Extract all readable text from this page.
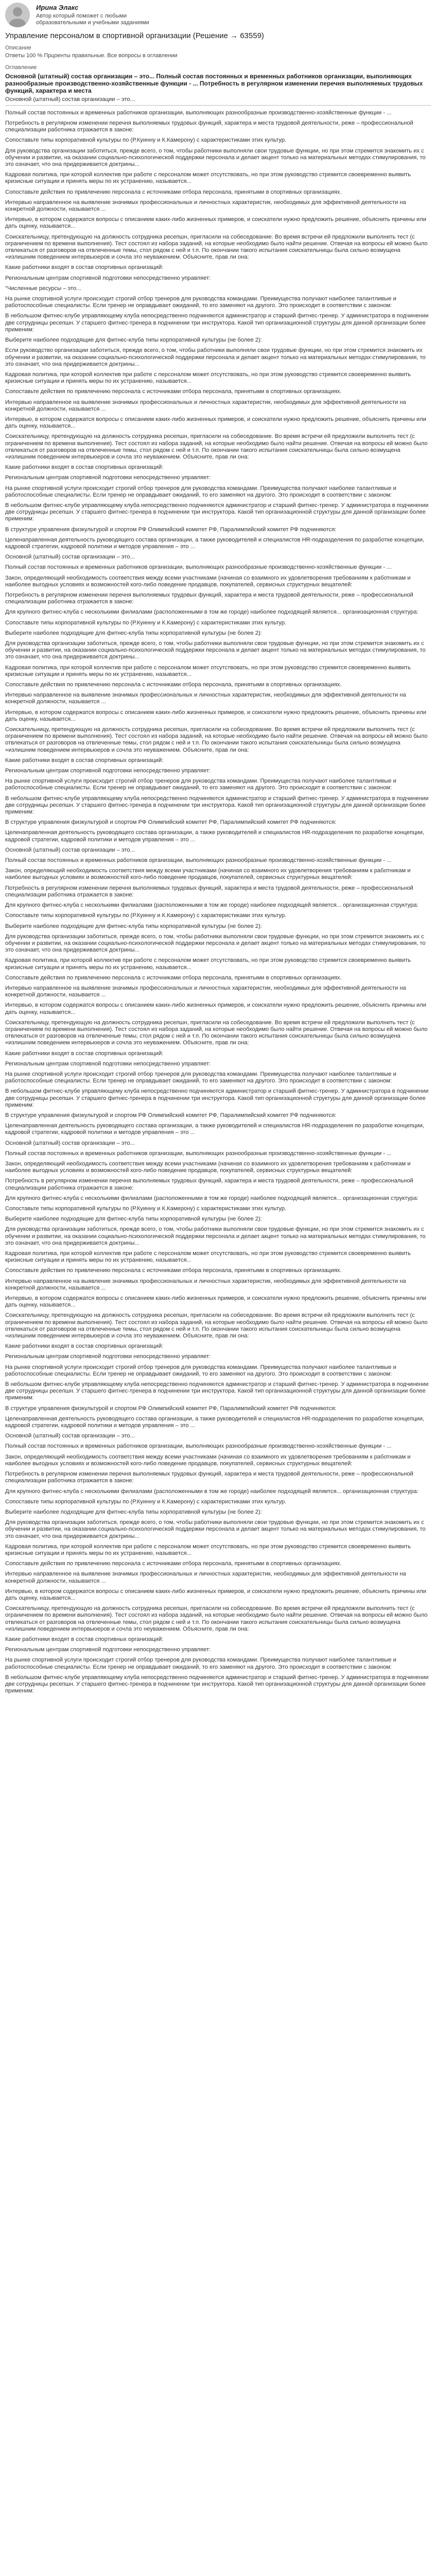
Ирина Элакс
Автор который поможет с любыми образовательными и учебными заданиями
Управление персоналом в спортивной организации (Решение → 63559)
Описание
Ответы 100 % Прцоенты правильные. Все вопросы в оглавлении
Оглавление
Основной (штатный) состав организации – это... Полный состав постоянных и временных работников организации, выполняющих разнообразные производственно-хозяйственные функции - ... Потребность в регулярном изменении перечня выполняемых трудовых функций, характера и места
Основной (штатный) состав организации – это...

Полный состав постоянных и временных работников организации, выполняющих разнообразные производственно-хозяйственные функции - ...

Потребность в регулярном изменении перечня выполняемых трудовых функций, характера и места трудовой деятельности, реже – профессиональной специализации работника отражается в законе:

Сопоставьте типы корпоративной культуры по (Р.Куинну и К.Камерону) с характеристиками этих культур.

Для руководства организации заботиться, прежде всего, о том, чтобы работники выполняли свои трудовые функции, но при этом стремится знакомить их с обучении и развитии, на оказании социально-психологической поддержки персонала и делает акцент только на материальных методах стимулирования, то это означает, что она придерживается доктрины...

Кадровая политика, при которой коллектив при работе с персоналом может отсутствовать, но при этом руководство стремится своевременно выявить кризисные ситуации и принять меры по их устранению, называется...

Сопоставьте действия по привлечению персонала с источниками отбора персонала, принятыми в спортивных организациях.

Интервью направленное на выявление значимых профессиональных и личностных характеристик, необходимых для эффективной деятельности на конкретной должности, называется ...

Интервью, в котором содержатся вопросы с описанием каких-либо жизненных примеров, и соискатели нужно предложить решение, объяснить причины или дать оценку, называется...

Соискательницу, претендующую на должность сотрудника ресепшн, пригласили на собеседование. Во время встречи ей предложили выполнить тест (с ограничением по времени выполнения). Тест состоял из набора заданий, на которые необходимо было найти решение. Отвечая на вопросы ей можно было отвлекаться от разговоров на отвлеченные темы, стол рядом с ней и т.п. По окончании такого испытания соискательницы была сильно возмущена «излишним поведением интервьюеров и сочла это неуважением. Объясните, прав ли она:

Какие работники входят в состав спортивных организаций:

Региональным центрам спортивной подготовки непосредственно управляет:

"Численные ресурсы – это...

На рынке спортивной услуги происходит строгий отбор тренеров для руководства командами. Преимущества получают наиболее талантливые и работоспособные специалисты. Если тренер не оправдывает ожиданий, то его заменяют на другого. Это происходит в соответствии с законом:

В небольшом фитнес-клубе управляющему клуба непосредственно подчиняются администратор и старший фитнес-тренер. У администратора в подчинении две сотрудницы ресепшн. У старшего фитнес-тренера в подчинении три инструктора. Какой тип организационной структуры для данной организации более применим:

Выберите наиболее подходящие для фитнес-клуба типы корпоративной культуры (не более 2):

Если руководство организации заботиться, прежде всего, о том, чтобы работники выполняли свои трудовые функции, но при этом стремится знакомить их обучении и развитии, на оказании социально-психологической поддержки персонала и делает акцент только на материальных методах стимулирования, то это означает, что она придерживается доктрины...

Кадровая политика, при которой коллектив при работе с персоналом может отсутствовать, но при этом руководство стремится своевременно выявить кризисные ситуации и принять меры по их устранению, называется...

Сопоставьте действия по привлечению персонала с источниками отбора персонала, принятыми в спортивных организациях.

Интервью направленное на выявление значимых профессиональных и личностных характеристик, необходимых для эффективной деятельности на конкретной должности, называется ...

Интервью, в котором содержатся вопросы с описанием каких-либо жизненных примеров, и соискатели нужно предложить решение, объяснить причины или дать оценку, называется...

Соискательницу, претендующую на должность сотрудника ресепшн, пригласили на собеседование. Во время встречи ей предложили выполнить тест (с ограничением по времени выполнения). Тест состоял из набора заданий, на которые необходимо было найти решение. Отвечая на вопросы ей можно было отвлекаться от разговоров на отвлеченные темы, стол рядом с ней и т.п. По окончании такого испытания соискательницы была сильно возмущена «излишним поведением интервьюеров и сочла это неуважением. Объясните, прав ли она:

Какие работники входят в состав спортивных организаций:

Региональным центрам спортивной подготовки непосредственно управляет:

На рынке спортивной услуги происходит строгий отбор тренеров для руководства командами. Преимущества получают наиболее талантливые и работоспособные специалисты. Если тренер не оправдывает ожиданий, то его заменяют на другого. Это происходит в соответствии с законом:

В небольшом фитнес-клубе управляющему клуба непосредственно подчиняются администратор и старший фитнес-тренер. У администратора в подчинении две сотрудницы ресепшн. У старшего фитнес-тренера в подчинении три инструктора. Какой тип организационной структуры для данной организации более применим:

В структуре управления физкультурой и спортом РФ Олимпийский комитет РФ, Паралимпийский комитет РФ подчиняются:

Целенаправленная деятельность руководящего состава организации, а также руководителей и специалистов HR-подразделения по разработке концепции, кадровой стратегии, кадровой политики и методов управления – это ...

Основной (штатный) состав организации – это...

Полный состав постоянных и временных работников организации, выполняющих разнообразные производственно-хозяйственные функции - ...

Закон, определяющий необходимость соответствия между всеми участниками (начиная со взаимного их удовлетворения требованиям к работникам и наиболее выгодных условиях и возможностей кого-либо поведение продавцов, покупателей, сервисных структурных вещателей:

Потребность в регулярном изменении перечня выполняемых трудовых функций, характера и места трудовой деятельности, реже – профессиональной специализации работника отражается в законе:

Для крупного фитнес-клуба с несколькими филиалами (расположенными в том же городе) наиболее подходящей является... организационная структура:

Сопоставьте типы корпоративной культуры по (Р.Куинну и К.Камерону) с характеристиками этих культур.

Выберите наиболее подходящие для фитнес-клуба типы корпоративной культуры (не более 2):

Для руководства организации заботиться, прежде всего, о том, чтобы работники выполняли свои трудовые функции, но при этом стремится знакомить их с обучении и развитии, на оказании социально-психологической поддержки персонала и делает акцент только на материальных методах стимулирования, то это означает, что она придерживается доктрины...

Кадровая политика, при которой коллектив при работе с персоналом может отсутствовать, но при этом руководство стремится своевременно выявить кризисные ситуации и принять меры по их устранению, называется...

Сопоставьте действия по привлечению персонала с источниками отбора персонала, принятыми в спортивных организациях.

Интервью направленное на выявление значимых профессиональных и личностных характеристик, необходимых для эффективной деятельности на конкретной должности, называется ...

Интервью, в котором содержатся вопросы с описанием каких-либо жизненных примеров, и соискатели нужно предложить решение, объяснить причины или дать оценку, называется...

Соискательницу, претендующую на должность сотрудника ресепшн, пригласили на собеседование. Во время встречи ей предложили выполнить тест (с ограничением по времени выполнения). Тест состоял из набора заданий, на которые необходимо было найти решение. Отвечая на вопросы ей можно было отвлекаться от разговоров на отвлеченные темы, стол рядом с ней и т.п. По окончании такого испытания соискательницы была сильно возмущена «излишним поведением интервьюеров и сочла это неуважением. Объясните, прав ли она:

Какие работники входят в состав спортивных организаций:

Региональным центрам спортивной подготовки непосредственно управляет:

На рынке спортивной услуги происходит строгий отбор тренеров для руководства командами. Преимущества получают наиболее талантливые и работоспособные специалисты. Если тренер не оправдывает ожиданий, то его заменяют на другого. Это происходит в соответствии с законом:

В небольшом фитнес-клубе управляющему клуба непосредственно подчиняются администратор и старший фитнес-тренер. У администратора в подчинении две сотрудницы ресепшн. У старшего фитнес-тренера в подчинении три инструктора. Какой тип организационной структуры для данной организации более применим:

В структуре управления физкультурой и спортом РФ Олимпийский комитет РФ, Паралимпийский комитет РФ подчиняются:

Целенаправленная деятельность руководящего состава организации, а также руководителей и специалистов HR-подразделения по разработке концепции, кадровой стратегии, кадровой политики и методов управления – это ...

Основной (штатный) состав организации – это...

Полный состав постоянных и временных работников организации, выполняющих разнообразные производственно-хозяйственные функции - ...

Закон, определяющий необходимость соответствия между всеми участниками (начиная со взаимного их удовлетворения требованиям к работникам и наиболее выгодных условиях и возможностей кого-либо поведение продавцов, покупателей, сервисных структурных вещателей:

Потребность в регулярном изменении перечня выполняемых трудовых функций, характера и места трудовой деятельности, реже – профессиональной специализации работника отражается в законе:

Для крупного фитнес-клуба с несколькими филиалами (расположенными в том же городе) наиболее подходящей является... организационная структура:

Сопоставьте типы корпоративной культуры по (Р.Куинну и К.Камерону) с характеристиками этих культур.

Выберите наиболее подходящие для фитнес-клуба типы корпоративной культуры (не более 2):

Для руководства организации заботиться, прежде всего, о том, чтобы работники выполняли свои трудовые функции, но при этом стремится знакомить их с обучении и развитии, на оказании социально-психологической поддержки персонала и делает акцент только на материальных методах стимулирования, то это означает, что она придерживается доктрины...

Кадровая политика, при которой коллектив при работе с персоналом может отсутствовать, но при этом руководство стремится своевременно выявить кризисные ситуации и принять меры по их устранению, называется...

Сопоставьте действия по привлечению персонала с источниками отбора персонала, принятыми в спортивных организациях.

Интервью направленное на выявление значимых профессиональных и личностных характеристик, необходимых для эффективной деятельности на конкретной должности, называется ...

Интервью, в котором содержатся вопросы с описанием каких-либо жизненных примеров, и соискатели нужно предложить решение, объяснить причины или дать оценку, называется...

Соискательницу, претендующую на должность сотрудника ресепшн, пригласили на собеседование. Во время встречи ей предложили выполнить тест (с ограничением по времени выполнения). Тест состоял из набора заданий, на которые необходимо было найти решение. Отвечая на вопросы ей можно было отвлекаться от разговоров на отвлеченные темы, стол рядом с ней и т.п. По окончании такого испытания соискательницы была сильно возмущена «излишним поведением интервьюеров и сочла это неуважением. Объясните, прав ли она:

Какие работники входят в состав спортивных организаций:

Региональным центрам спортивной подготовки непосредственно управляет:

На рынке спортивной услуги происходит строгий отбор тренеров для руководства командами. Преимущества получают наиболее талантливые и работоспособные специалисты. Если тренер не оправдывает ожиданий, то его заменяют на другого. Это происходит в соответствии с законом:

В небольшом фитнес-клубе управляющему клуба непосредственно подчиняются администратор и старший фитнес-тренер. У администратора в подчинении две сотрудницы ресепшн. У старшего фитнес-тренера в подчинении три инструктора. Какой тип организационной структуры для данной организации более применим:

В структуре управления физкультурой и спортом РФ Олимпийский комитет РФ, Паралимпийский комитет РФ подчиняются:

Целенаправленная деятельность руководящего состава организации, а также руководителей и специалистов HR-подразделения по разработке концепции, кадровой стратегии, кадровой политики и методов управления – это ...

Основной (штатный) состав организации – это...

Полный состав постоянных и временных работников организации, выполняющих разнообразные производственно-хозяйственные функции - ...

Закон, определяющий необходимость соответствия между всеми участниками (начиная со взаимного их удовлетворения требованиям к работникам и наиболее выгодных условиях и возможностей кого-либо поведение продавцов, покупателей, сервисных структурных вещателей:

Потребность в регулярном изменении перечня выполняемых трудовых функций, характера и места трудовой деятельности, реже – профессиональной специализации работника отражается в законе:

Для крупного фитнес-клуба с несколькими филиалами (расположенными в том же городе) наиболее подходящей является... организационная структура:

Сопоставьте типы корпоративной культуры по (Р.Куинну и К.Камерону) с характеристиками этих культур.

Выберите наиболее подходящие для фитнес-клуба типы корпоративной культуры (не более 2):

Для руководства организации заботиться, прежде всего, о том, чтобы работники выполняли свои трудовые функции, но при этом стремится знакомить их с обучении и развитии, на оказании социально-психологической поддержки персонала и делает акцент только на материальных методах стимулирования, то это означает, что она придерживается доктрины...

Кадровая политика, при которой коллектив при работе с персоналом может отсутствовать, но при этом руководство стремится своевременно выявить кризисные ситуации и принять меры по их устранению, называется...

Сопоставьте действия по привлечению персонала с источниками отбора персонала, принятыми в спортивных организациях.

Интервью направленное на выявление значимых профессиональных и личностных характеристик, необходимых для эффективной деятельности на конкретной должности, называется ...

Интервью, в котором содержатся вопросы с описанием каких-либо жизненных примеров, и соискатели нужно предложить решение, объяснить причины или дать оценку, называется...

Соискательницу, претендующую на должность сотрудника ресепшн, пригласили на собеседование. Во время встречи ей предложили выполнить тест (с ограничением по времени выполнения). Тест состоял из набора заданий, на которые необходимо было найти решение. Отвечая на вопросы ей можно было отвлекаться от разговоров на отвлеченные темы, стол рядом с ней и т.п. По окончании такого испытания соискательницы была сильно возмущена «излишним поведением интервьюеров и сочла это неуважением. Объясните, прав ли она:

Какие работники входят в состав спортивных организаций:

Региональным центрам спортивной подготовки непосредственно управляет:

На рынке спортивной услуги происходит строгий отбор тренеров для руководства командами. Преимущества получают наиболее талантливые и работоспособные специалисты. Если тренер не оправдывает ожиданий, то его заменяют на другого. Это происходит в соответствии с законом:

В небольшом фитнес-клубе управляющему клуба непосредственно подчиняются администратор и старший фитнес-тренер. У администратора в подчинении две сотрудницы ресепшн. У старшего фитнес-тренера в подчинении три инструктора. Какой тип организационной структуры для данной организации более применим:

В структуре управления физкультурой и спортом РФ Олимпийский комитет РФ, Паралимпийский комитет РФ подчиняются:

Целенаправленная деятельность руководящего состава организации, а также руководителей и специалистов HR-подразделения по разработке концепции, кадровой стратегии, кадровой политики и методов управления – это ...

Основной (штатный) состав организации – это...

Полный состав постоянных и временных работников организации, выполняющих разнообразные производственно-хозяйственные функции - ...

Закон, определяющий необходимость соответствия между всеми участниками (начиная со взаимного их удовлетворения требованиям к работникам и наиболее выгодных условиях и возможностей кого-либо поведение продавцов, покупателей, сервисных структурных вещателей:

Потребность в регулярном изменении перечня выполняемых трудовых функций, характера и места трудовой деятельности, реже – профессиональной специализации работника отражается в законе:

Для крупного фитнес-клуба с несколькими филиалами (расположенными в том же городе) наиболее подходящей является... организационная структура:

Сопоставьте типы корпоративной культуры по (Р.Куинну и К.Камерону) с характеристиками этих культур.

Выберите наиболее подходящие для фитнес-клуба типы корпоративной культуры (не более 2):

Для руководства организации заботиться, прежде всего, о том, чтобы работники выполняли свои трудовые функции, но при этом стремится знакомить их с обучении и развитии, на оказании социально-психологической поддержки персонала и делает акцент только на материальных методах стимулирования, то это означает, что она придерживается доктрины...

Кадровая политика, при которой коллектив при работе с персоналом может отсутствовать, но при этом руководство стремится своевременно выявить кризисные ситуации и принять меры по их устранению, называется...

Сопоставьте действия по привлечению персонала с источниками отбора персонала, принятыми в спортивных организациях.

Интервью направленное на выявление значимых профессиональных и личностных характеристик, необходимых для эффективной деятельности на конкретной должности, называется ...

Интервью, в котором содержатся вопросы с описанием каких-либо жизненных примеров, и соискатели нужно предложить решение, объяснить причины или дать оценку, называется...

Соискательницу, претендующую на должность сотрудника ресепшн, пригласили на собеседование. Во время встречи ей предложили выполнить тест (с ограничением по времени выполнения). Тест состоял из набора заданий, на которые необходимо было найти решение. Отвечая на вопросы ей можно было отвлекаться от разговоров на отвлеченные темы, стол рядом с ней и т.п. По окончании такого испытания соискательницы была сильно возмущена «излишним поведением интервьюеров и сочла это неуважением. Объясните, прав ли она:

Какие работники входят в состав спортивных организаций:

Региональным центрам спортивной подготовки непосредственно управляет:

На рынке спортивной услуги происходит строгий отбор тренеров для руководства командами. Преимущества получают наиболее талантливые и работоспособные специалисты. Если тренер не оправдывает ожиданий, то его заменяют на другого. Это происходит в соответствии с законом:

В небольшом фитнес-клубе управляющему клуба непосредственно подчиняются администратор и старший фитнес-тренер. У администратора в подчинении две сотрудницы ресепшн. У старшего фитнес-тренера в подчинении три инструктора. Какой тип организационной структуры для данной организации более применим:
